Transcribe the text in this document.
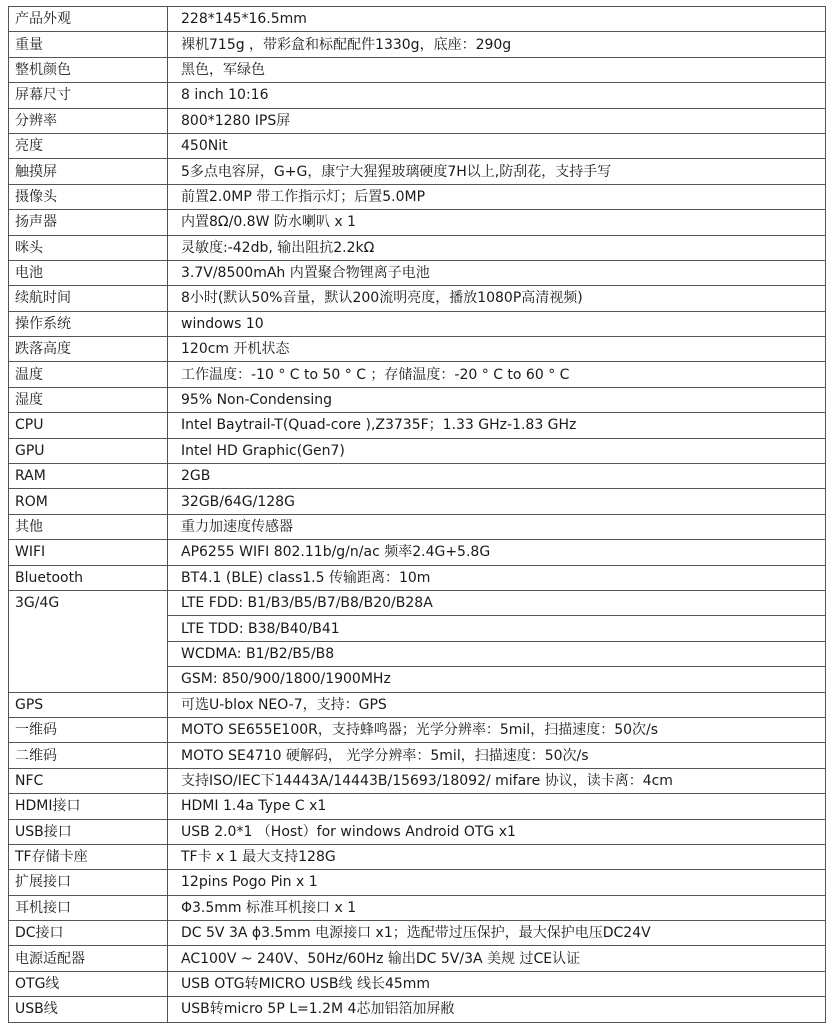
产品外观	228*145*16.5mm
重量	裸机715g ，带彩盒和标配配件1330g，底座：290g
整机颜色	黑色，军绿色
屏幕尺寸	8 inch 10:16
分辨率	800*1280 IPS屏
亮度	450Nit
触摸屏	5多点电容屏，G+G，康宁大猩猩玻璃硬度7H以上,防刮花，支持手写
摄像头	前置2.0MP 带工作指示灯；后置5.0MP
扬声器	内置8Ω/0.8W 防水喇叭 x 1
咪头	灵敏度:-42db, 输出阻抗2.2kΩ
电池	3.7V/8500mAh 内置聚合物锂离子电池
续航时间	8小时(默认50%音量，默认200流明亮度，播放1080P高清视频)
操作系统	windows 10
跌落高度	120cm 开机状态
温度	工作温度：-10 ° C to 50 ° C ；存储温度：-20 ° C to 60 ° C
湿度	95% Non-Condensing
CPU	Intel Baytrail-T(Quad-core ),Z3735F；1.33 GHz-1.83 GHz
GPU	Intel HD Graphic(Gen7)
RAM	2GB
ROM	32GB/64G/128G
其他	重力加速度传感器
WIFI	AP6255 WIFI 802.11b/g/n/ac 频率2.4G+5.8G
Bluetooth	BT4.1 (BLE) class1.5 传输距离：10m
3G/4G	LTE FDD: B1/B3/B5/B7/B8/B20/B28A
	LTE TDD: B38/B40/B41
	WCDMA: B1/B2/B5/B8
	GSM: 850/900/1800/1900MHz
GPS	可选U-blox NEO-7，支持：GPS
一维码	MOTO SE655E100R，支持蜂鸣器；光学分辨率：5mil，扫描速度：50次/s
二维码	MOTO SE4710 硬解码， 光学分辨率：5mil，扫描速度：50次/s
NFC	支持ISO/IEC下14443A/14443B/15693/18092/ mifare 协议，读卡离：4cm
HDMI接口	HDMI 1.4a Type C x1
USB接口	USB 2.0*1 （Host）for windows Android OTG x1
TF存储卡座	TF卡 x 1 最大支持128G
扩展接口	12pins Pogo Pin x 1
耳机接口	Φ3.5mm 标准耳机接口 x 1
DC接口	DC 5V 3A ϕ3.5mm 电源接口 x1；选配带过压保护，最大保护电压DC24V
电源适配器	AC100V ~ 240V、50Hz/60Hz 输出DC 5V/3A 美规 过CE认证
OTG线	USB OTG转MICRO USB线 线长45mm
USB线	USB转micro 5P L=1.2M 4芯加铝箔加屏敝
